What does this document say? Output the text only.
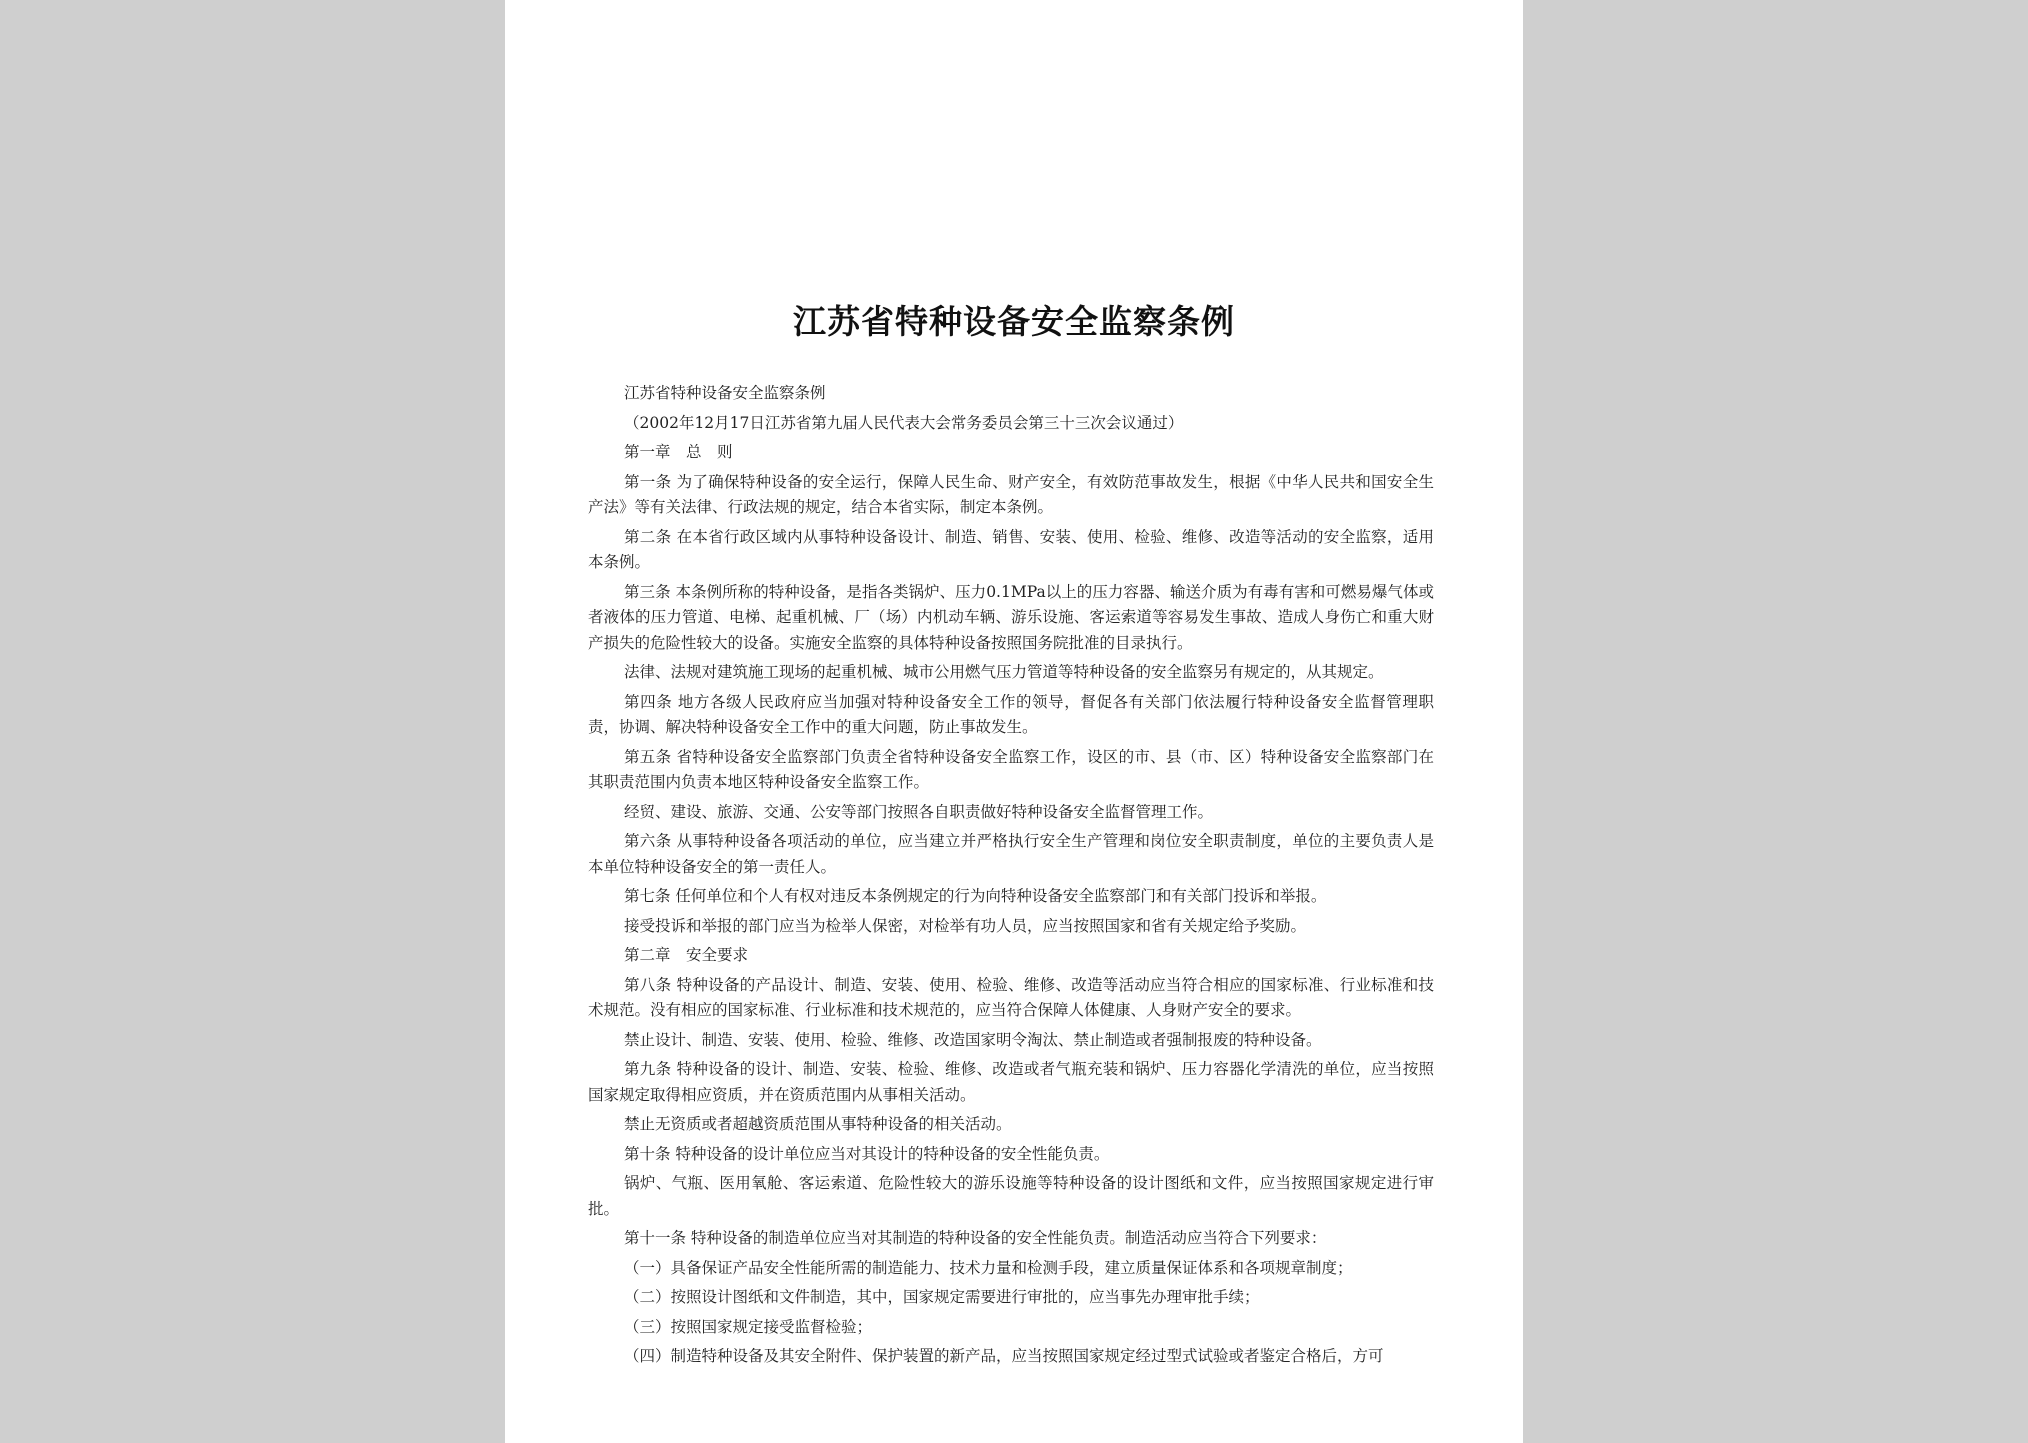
江苏省特种设备安全监察条例

江苏省特种设备安全监察条例

（2002年12月17日江苏省第九届人民代表大会常务委员会第三十三次会议通过）

第一章　总　则

第一条 为了确保特种设备的安全运行，保障人民生命、财产安全，有效防范事故发生，根据《中华人民共和国安全生产法》等有关法律、行政法规的规定，结合本省实际，制定本条例。

第二条 在本省行政区域内从事特种设备设计、制造、销售、安装、使用、检验、维修、改造等活动的安全监察，适用本条例。

第三条 本条例所称的特种设备，是指各类锅炉、压力0.1MPa以上的压力容器、输送介质为有毒有害和可燃易爆气体或者液体的压力管道、电梯、起重机械、厂（场）内机动车辆、游乐设施、客运索道等容易发生事故、造成人身伤亡和重大财产损失的危险性较大的设备。实施安全监察的具体特种设备按照国务院批准的目录执行。

法律、法规对建筑施工现场的起重机械、城市公用燃气压力管道等特种设备的安全监察另有规定的，从其规定。

第四条 地方各级人民政府应当加强对特种设备安全工作的领导，督促各有关部门依法履行特种设备安全监督管理职责，协调、解决特种设备安全工作中的重大问题，防止事故发生。

第五条 省特种设备安全监察部门负责全省特种设备安全监察工作，设区的市、县（市、区）特种设备安全监察部门在其职责范围内负责本地区特种设备安全监察工作。

经贸、建设、旅游、交通、公安等部门按照各自职责做好特种设备安全监督管理工作。

第六条 从事特种设备各项活动的单位，应当建立并严格执行安全生产管理和岗位安全职责制度，单位的主要负责人是本单位特种设备安全的第一责任人。

第七条 任何单位和个人有权对违反本条例规定的行为向特种设备安全监察部门和有关部门投诉和举报。

接受投诉和举报的部门应当为检举人保密，对检举有功人员，应当按照国家和省有关规定给予奖励。

第二章　安全要求

第八条 特种设备的产品设计、制造、安装、使用、检验、维修、改造等活动应当符合相应的国家标准、行业标准和技术规范。没有相应的国家标准、行业标准和技术规范的，应当符合保障人体健康、人身财产安全的要求。

禁止设计、制造、安装、使用、检验、维修、改造国家明令淘汰、禁止制造或者强制报废的特种设备。

第九条 特种设备的设计、制造、安装、检验、维修、改造或者气瓶充装和锅炉、压力容器化学清洗的单位，应当按照国家规定取得相应资质，并在资质范围内从事相关活动。

禁止无资质或者超越资质范围从事特种设备的相关活动。

第十条 特种设备的设计单位应当对其设计的特种设备的安全性能负责。

锅炉、气瓶、医用氧舱、客运索道、危险性较大的游乐设施等特种设备的设计图纸和文件，应当按照国家规定进行审批。

第十一条 特种设备的制造单位应当对其制造的特种设备的安全性能负责。制造活动应当符合下列要求：

（一）具备保证产品安全性能所需的制造能力、技术力量和检测手段，建立质量保证体系和各项规章制度；

（二）按照设计图纸和文件制造，其中，国家规定需要进行审批的，应当事先办理审批手续；

（三）按照国家规定接受监督检验；

（四）制造特种设备及其安全附件、保护装置的新产品，应当按照国家规定经过型式试验或者鉴定合格后，方可
